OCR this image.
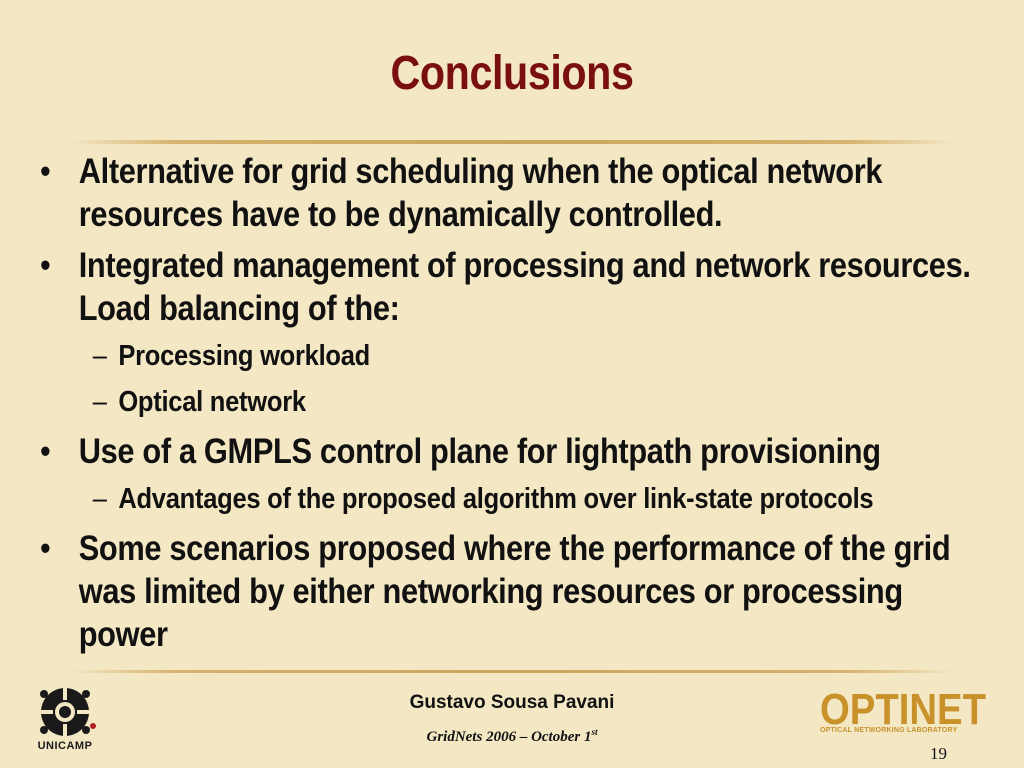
Conclusions
• Alternative for grid scheduling when the optical network resources have to be dynamically controlled.
• Integrated management of processing and network resources. Load balancing of the:
– Processing workload
– Optical network
• Use of a GMPLS control plane for lightpath provisioning
– Advantages of the proposed algorithm over link-state protocols
• Some scenarios proposed where the performance of the grid was limited by either networking resources or processing power
UNICAMP
Gustavo Sousa Pavani
GridNets 2006 – October 1st	OPTINET
OPTICAL NETWORKING LABORATORY
19
